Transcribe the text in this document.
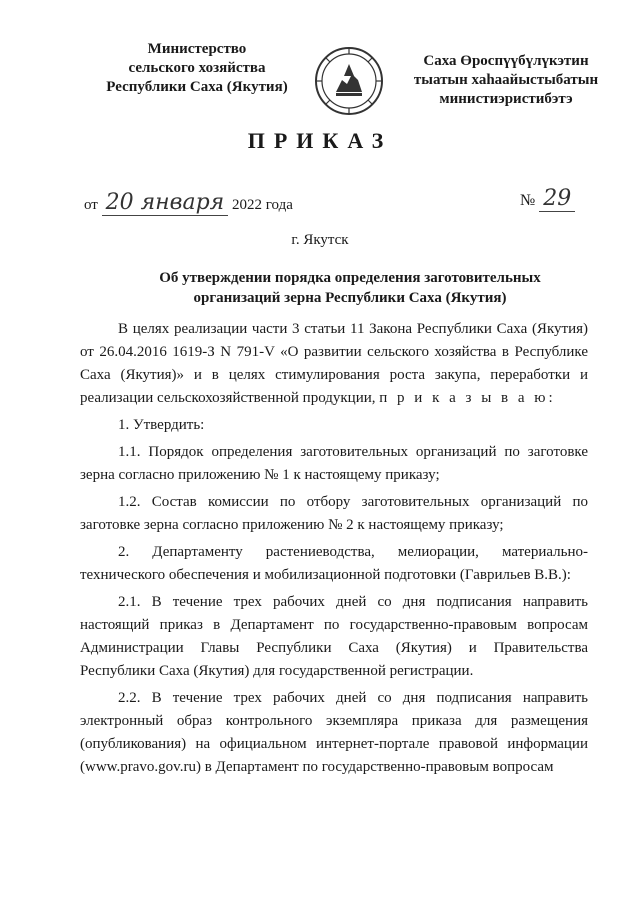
Министерство
сельского хозяйства
Республики Саха (Якутия)
Саха Өроспүүбүлүкэтин
тыатын хаhаайыстыбатын
министиэристибэтэ
ПРИКАЗ
от 20 января 2022 года	№ 29
г. Якутск
Об утверждении порядка определения заготовительных
организаций зерна Республики Саха (Якутия)

В целях реализации части 3 статьи 11 Закона Республики Саха (Якутия) от 26.04.2016 1619-З N 791-V «О развитии сельского хозяйства в Республике Саха (Якутия)» и в целях стимулирования роста закупа, переработки и реализации сельскохозяйственной продукции, п р и к а з ы в а ю:

1. Утвердить:

1.1. Порядок определения заготовительных организаций по заготовке зерна согласно приложению № 1 к настоящему приказу;

1.2. Состав комиссии по отбору заготовительных организаций по заготовке зерна согласно приложению № 2 к настоящему приказу;

2. Департаменту растениеводства, мелиорации, материально-технического обеспечения и мобилизационной подготовки (Гаврильев В.В.):

2.1. В течение трех рабочих дней со дня подписания направить настоящий приказ в Департамент по государственно-правовым вопросам Администрации Главы Республики Саха (Якутия) и Правительства Республики Саха (Якутия) для государственной регистрации.

2.2. В течение трех рабочих дней со дня подписания направить электронный образ контрольного экземпляра приказа для размещения (опубликования) на официальном интернет-портале правовой информации (www.pravo.gov.ru) в Департамент по государственно-правовым вопросам
